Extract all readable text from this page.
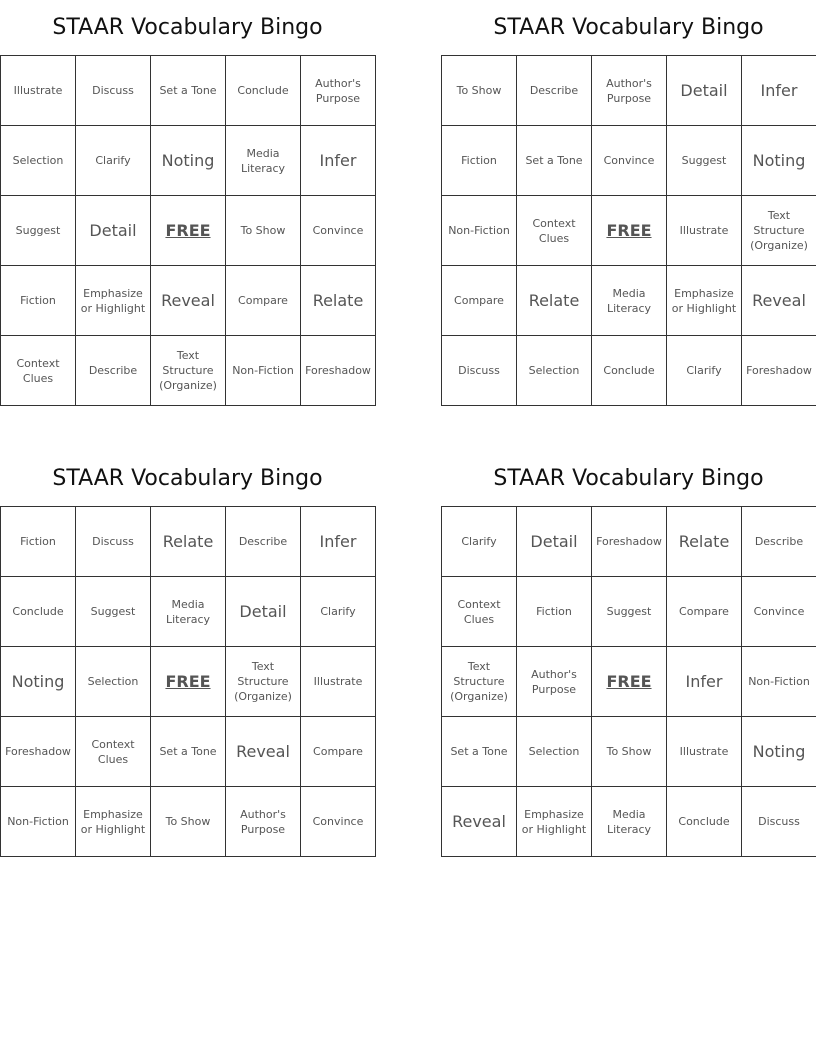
STAAR Vocabulary Bingo
Illustrate	Discuss	Set a Tone	Conclude	Author's Purpose
Selection	Clarify	Noting	Media Literacy	Infer
Suggest	Detail	FREE	To Show	Convince
Fiction	Emphasize or Highlight	Reveal	Compare	Relate
Context Clues	Describe	Text Structure (Organize)	Non-Fiction	Foreshadow
STAAR Vocabulary Bingo
To Show	Describe	Author's Purpose	Detail	Infer
Fiction	Set a Tone	Convince	Suggest	Noting
Non-Fiction	Context Clues	FREE	Illustrate	Text Structure (Organize)
Compare	Relate	Media Literacy	Emphasize or Highlight	Reveal
Discuss	Selection	Conclude	Clarify	Foreshadow
STAAR Vocabulary Bingo
Fiction	Discuss	Relate	Describe	Infer
Conclude	Suggest	Media Literacy	Detail	Clarify
Noting	Selection	FREE	Text Structure (Organize)	Illustrate
Foreshadow	Context Clues	Set a Tone	Reveal	Compare
Non-Fiction	Emphasize or Highlight	To Show	Author's Purpose	Convince
STAAR Vocabulary Bingo
Clarify	Detail	Foreshadow	Relate	Describe
Context Clues	Fiction	Suggest	Compare	Convince
Text Structure (Organize)	Author's Purpose	FREE	Infer	Non-Fiction
Set a Tone	Selection	To Show	Illustrate	Noting
Reveal	Emphasize or Highlight	Media Literacy	Conclude	Discuss
